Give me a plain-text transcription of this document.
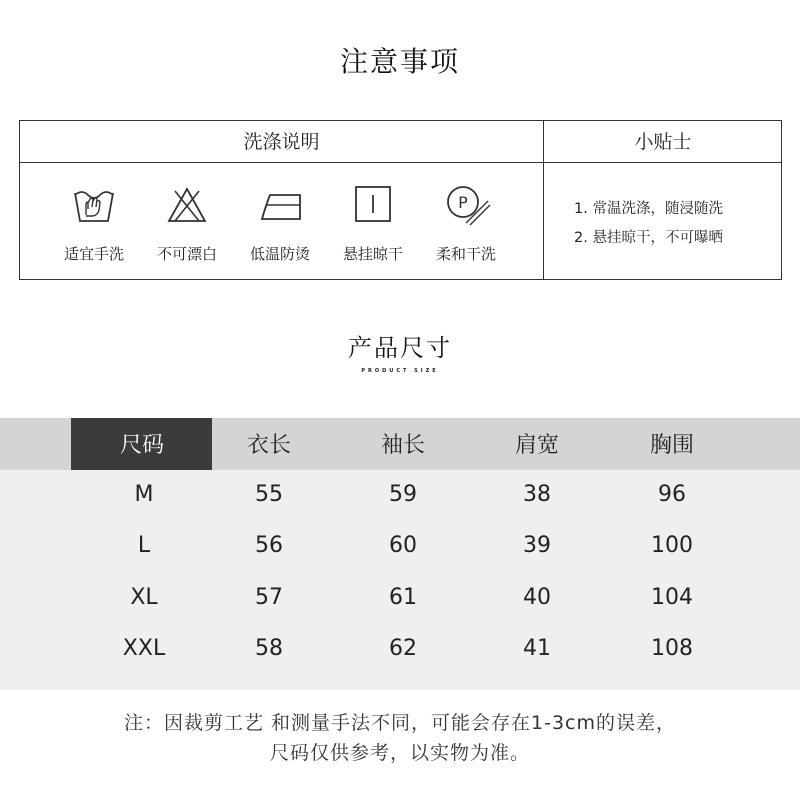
注意事项
洗涤说明	小贴士
适宜手洗	不可漂白	低温防烫	悬挂晾干
P
柔和干洗
1. 常温洗涤，随浸随洗
2. 悬挂晾干，不可曝晒
产品尺寸
PRODUCT SIZE
尺码	衣长	袖长	肩宽	胸围
M	55	59	38	96
L	56	60	39	100
XL	57	61	40	104
XXL	58	62	41	108
注：因裁剪工艺 和测量手法不同，可能会存在1-3cm的误差，
尺码仅供参考，以实物为准。
